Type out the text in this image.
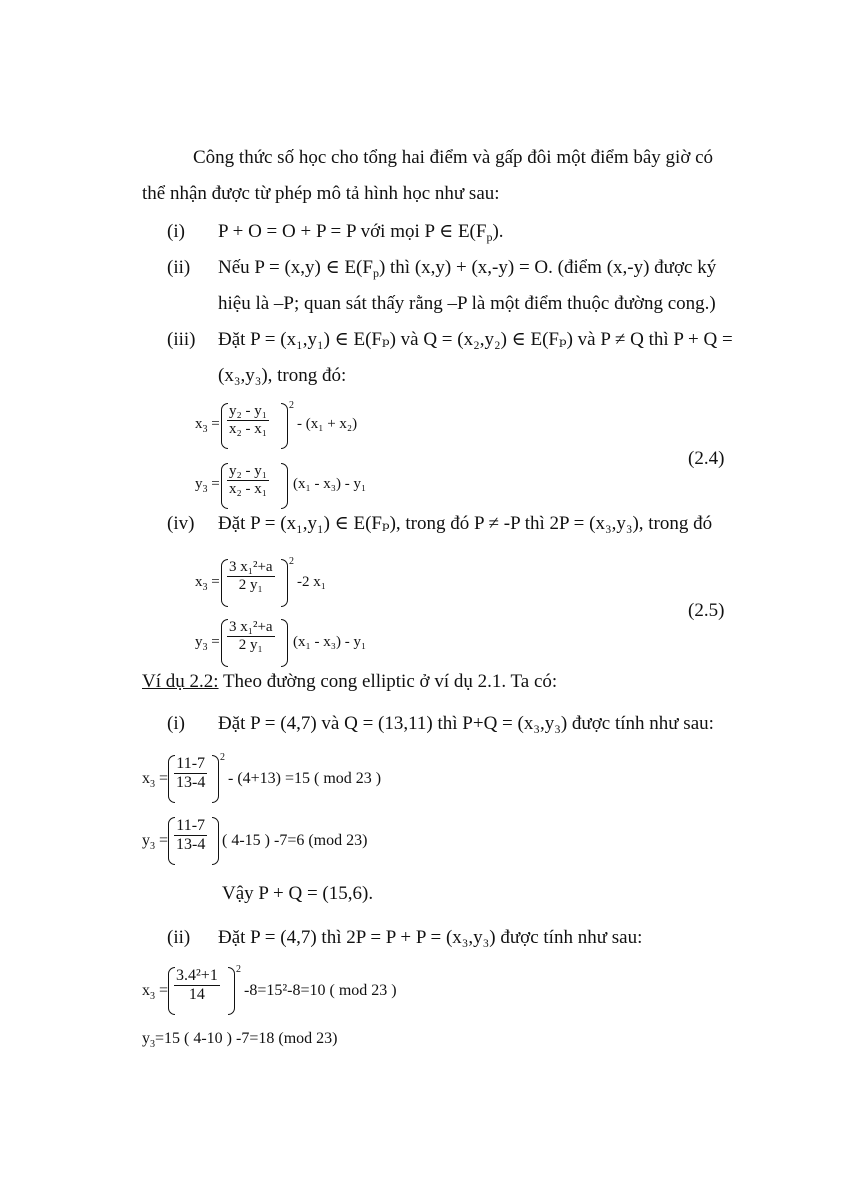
Công thức số học cho tổng hai điểm và gấp đôi một điểm bây giờ có
thể nhận được từ phép mô tả hình học như sau:
(i) P + O = O + P = P với mọi P ∈ $E(F_p)$.
(ii) Nếu P = (x,y) ∈ $E(F_p)$ thì (x,y) + (x,-y) = O. (điểm (x,-y) được ký
hiệu là –P; quan sát thấy rằng –P là một điểm thuộc đường cong.)
(iii) Đặt P = (x₁,y₁) ∈ E(Fₚ) và Q = (x₂,y₂) ∈ E(Fₚ) và P ≠ Q thì P + Q =
(x₃,y₃), trong đó:
$x_3$ =
y₂ - y₁
x₂ - x₁
2
- (x₁ + x₂)
$y_3$ =
y₂ - y₁
x₂ - x₁ (x₁ - x₃) - y₁
(2.4)
(iv) Đặt P = (x₁,y₁) ∈ E(Fₚ), trong đó P ≠ -P thì 2P = (x₃,y₃), trong đó
$x_3$ =
3 x₁²+a
2 y₁
2
-2 x₁
$y_3$ =
3 x₁²+a
2 y₁	(x₁ - x₃) - y₁
(2.5)
Ví dụ 2.2: Theo đường cong elliptic ở ví dụ 2.1. Ta có:
(i) Đặt P = (4,7) và Q = (13,11) thì P+Q = (x₃,y₃) được tính như sau:
$x_3$ =
11-7
13-4
2
- (4+13) =15 ( mod 23 )
$y_3$ =
11-7
13-4 ( 4-15 ) -7=6 (mod 23)
Vậy P + Q = (15,6).
(ii) Đặt P = (4,7) thì 2P = P + P = (x₃,y₃) được tính như sau:
$x_3$ =
3.4²+1
14
2
-8=15²-8=10 ( mod 23 )
$y_3=15$ ( 4-10 ) -7=18 (mod 23)
